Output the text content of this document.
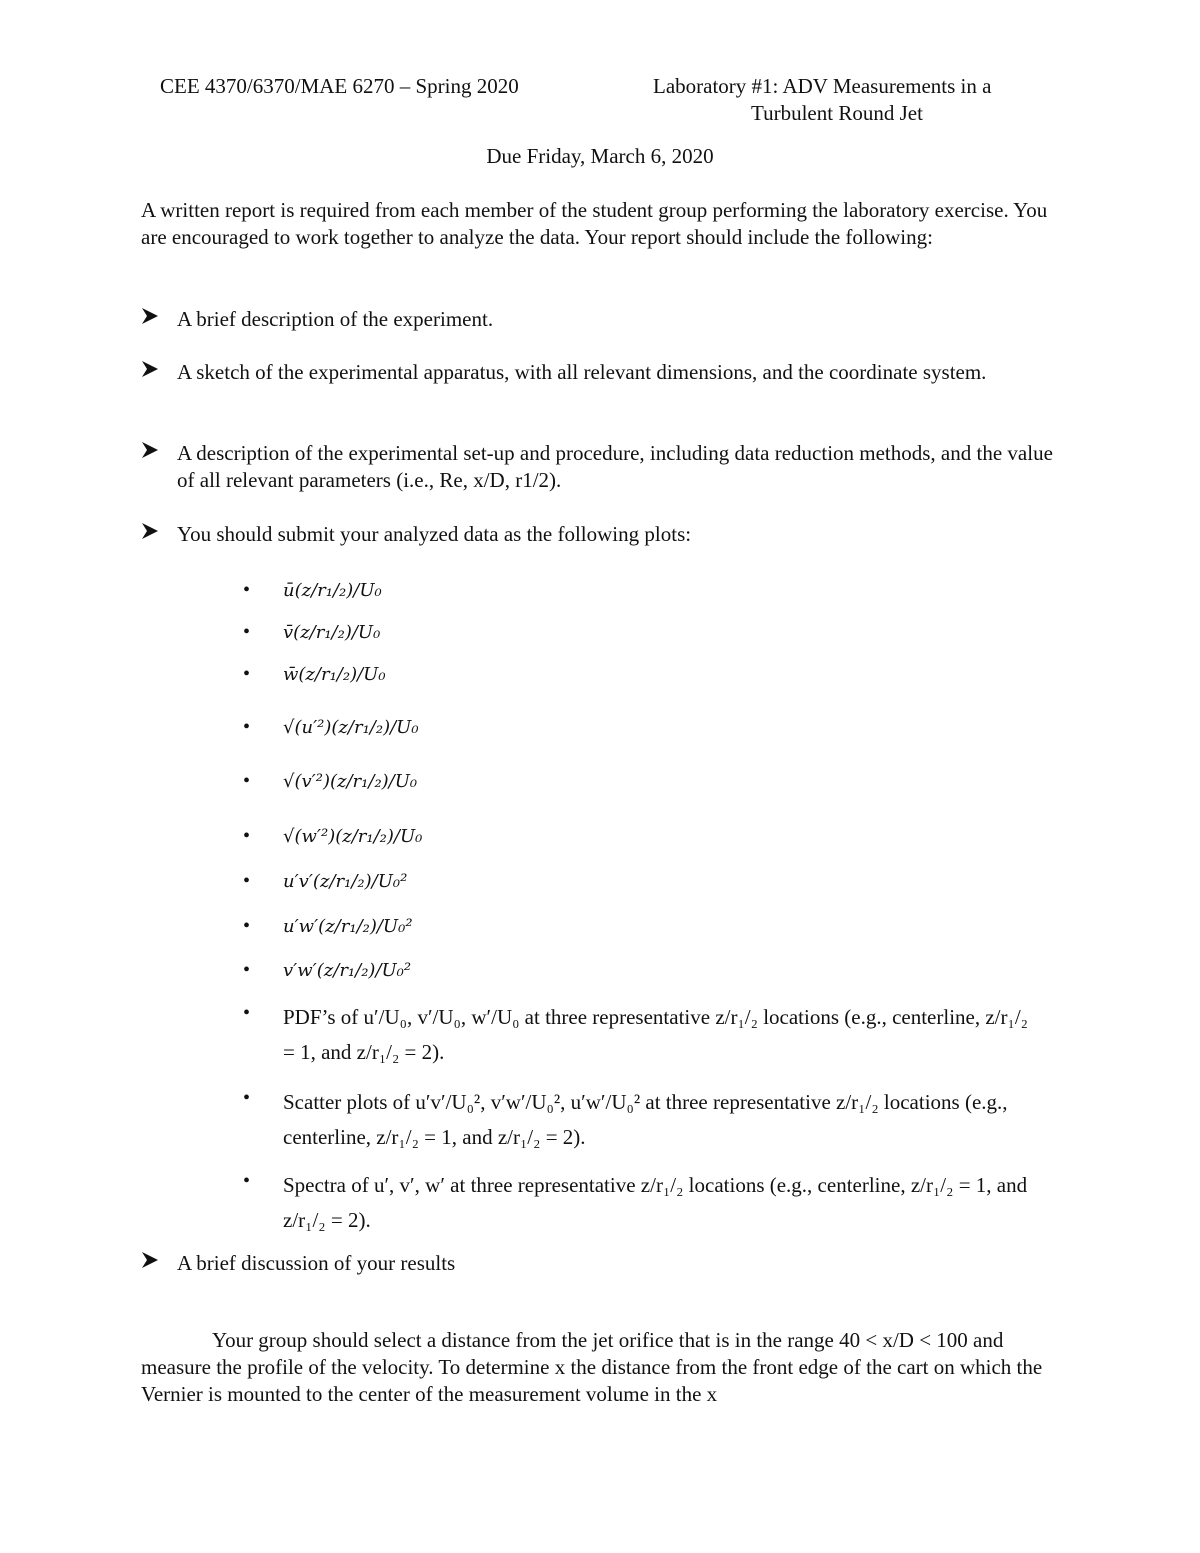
CEE 4370/6370/MAE 6270 – Spring 2020	Laboratory #1: ADV Measurements in a
Turbulent Round Jet
Due Friday, March 6, 2020
A written report is required from each member of the student group performing the laboratory exercise. You are encouraged to work together to analyze the data. Your report should include the following:
A brief description of the experiment.
A sketch of the experimental apparatus, with all relevant dimensions, and the coordinate system.
A description of the experimental set-up and procedure, including data reduction methods, and the value of all relevant parameters (i.e., Re, x/D, r1/2).
You should submit your analyzed data as the following plots:
• ū(z/r₁/₂)/U₀
• v̄(z/r₁/₂)/U₀
• w̄(z/r₁/₂)/U₀
• √(u′²)(z/r₁/₂)/U₀
• √(v′²)(z/r₁/₂)/U₀
• √(w′²)(z/r₁/₂)/U₀
• u′v′(z/r₁/₂)/U₀²
• u′w′(z/r₁/₂)/U₀²
• v′w′(z/r₁/₂)/U₀²
• PDF’s of u′/U₀, v′/U₀, w′/U₀ at three representative z/r₁/₂ locations (e.g., centerline, z/r₁/₂ = 1, and z/r₁/₂ = 2).
• Scatter plots of u′v′/U₀², v′w′/U₀², u′w′/U₀² at three representative z/r₁/₂ locations (e.g., centerline, z/r₁/₂ = 1, and z/r₁/₂ = 2).
• Spectra of u′, v′, w′ at three representative z/r₁/₂ locations (e.g., centerline, z/r₁/₂ = 1, and z/r₁/₂ = 2).
A brief discussion of your results
Your group should select a distance from the jet orifice that is in the range 40 < x/D < 100 and measure the profile of the velocity. To determine x the distance from the front edge of the cart on which the Vernier is mounted to the center of the measurement volume in the x
